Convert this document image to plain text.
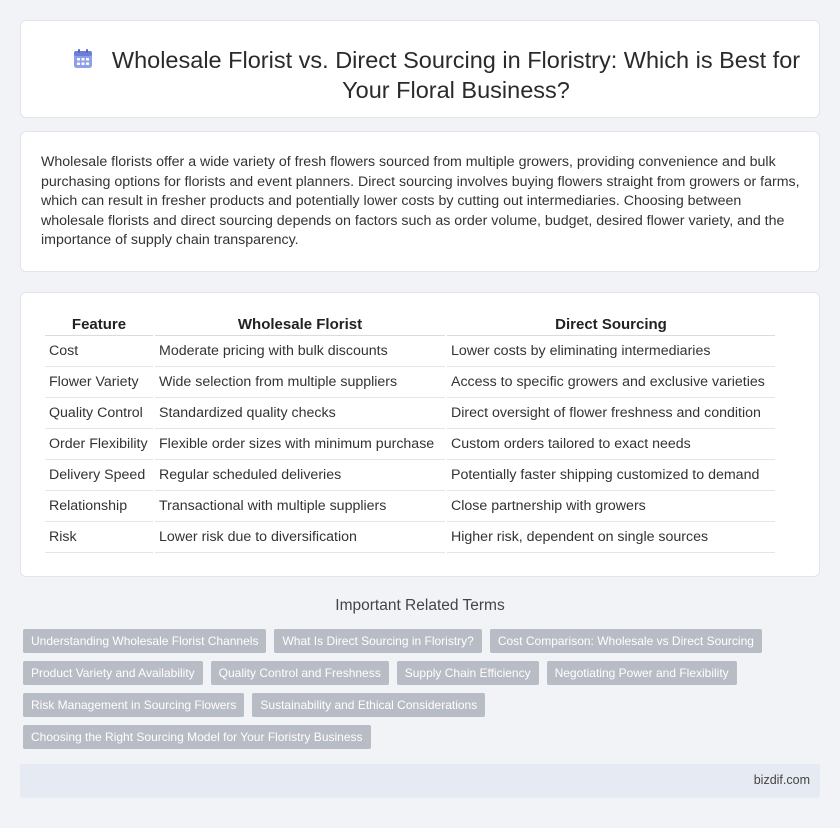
Wholesale Florist vs. Direct Sourcing in Floristry: Which is Best for Your Floral Business?

Wholesale florists offer a wide variety of fresh flowers sourced from multiple growers, providing convenience and bulk purchasing options for florists and event planners. Direct sourcing involves buying flowers straight from growers or farms, which can result in fresher products and potentially lower costs by cutting out intermediaries. Choosing between wholesale florists and direct sourcing depends on factors such as order volume, budget, desired flower variety, and the importance of supply chain transparency.

Feature	Wholesale Florist	Direct Sourcing
Cost	Moderate pricing with bulk discounts	Lower costs by eliminating intermediaries
Flower Variety	Wide selection from multiple suppliers	Access to specific growers and exclusive varieties
Quality Control	Standardized quality checks	Direct oversight of flower freshness and condition
Order Flexibility	Flexible order sizes with minimum purchase	Custom orders tailored to exact needs
Delivery Speed	Regular scheduled deliveries	Potentially faster shipping customized to demand
Relationship	Transactional with multiple suppliers	Close partnership with growers
Risk	Lower risk due to diversification	Higher risk, dependent on single sources
Important Related Terms
Understanding Wholesale Florist Channels	What Is Direct Sourcing in Floristry?	Cost Comparison: Wholesale vs Direct Sourcing
Product Variety and Availability	Quality Control and Freshness	Supply Chain Efficiency	Negotiating Power and Flexibility
Risk Management in Sourcing Flowers	Sustainability and Ethical Considerations
Choosing the Right Sourcing Model for Your Floristry Business
bizdif.com
